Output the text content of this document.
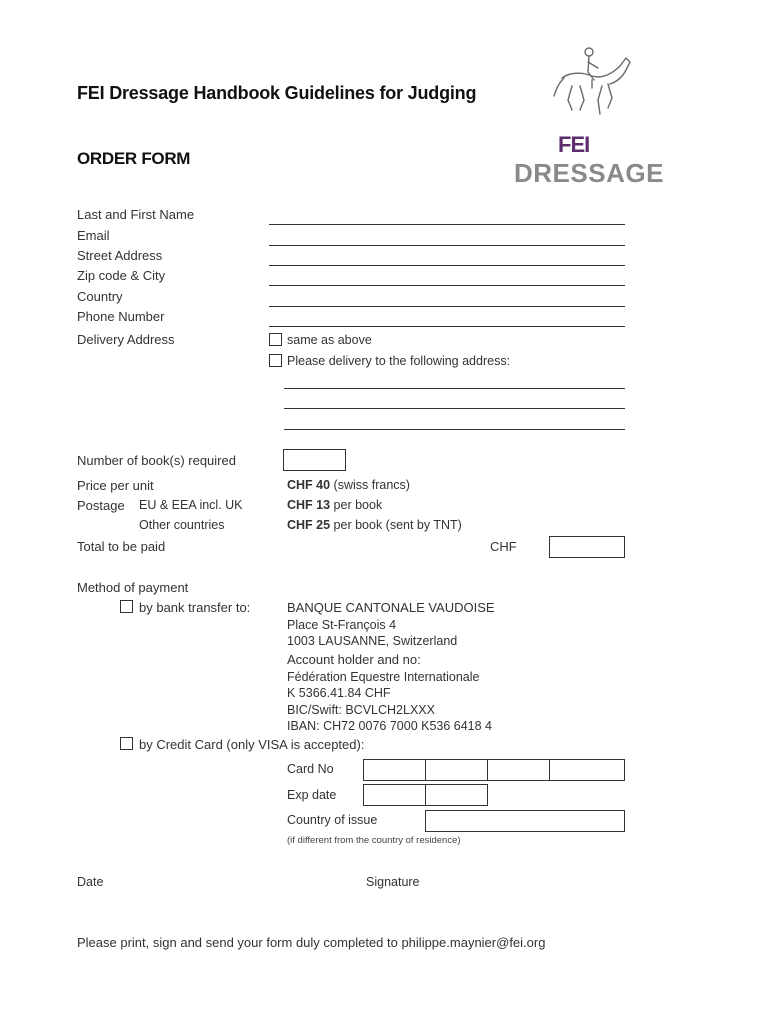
FEI Dressage Handbook Guidelines for Judging
ORDER FORM
FEI
DRESSAGE
Last and First Name
Email
Street Address
Zip code & City
Country
Phone Number
Delivery Address	same as above
Please delivery to the following address:
Number of book(s) required
Price per unit	CHF 40 (swiss francs)
Postage EU & EEA incl. UK	CHF 13 per book
Other countries	CHF 25 per book (sent by TNT)
Total to be paid	CHF
Method of payment
by bank transfer to:	BANQUE CANTONALE VAUDOISE
Place St-François 4
1003 LAUSANNE, Switzerland
Account holder and no:
Fédération Equestre Internationale
K 5366.41.84 CHF
BIC/Swift: BCVLCH2LXXX
IBAN: CH72 0076 7000 K536 6418 4
by Credit Card (only VISA is accepted):
Card No
Exp date
Country of issue
(if different from the country of residence)
Date	Signature
Please print, sign and send your form duly completed to philippe.maynier@fei.org
